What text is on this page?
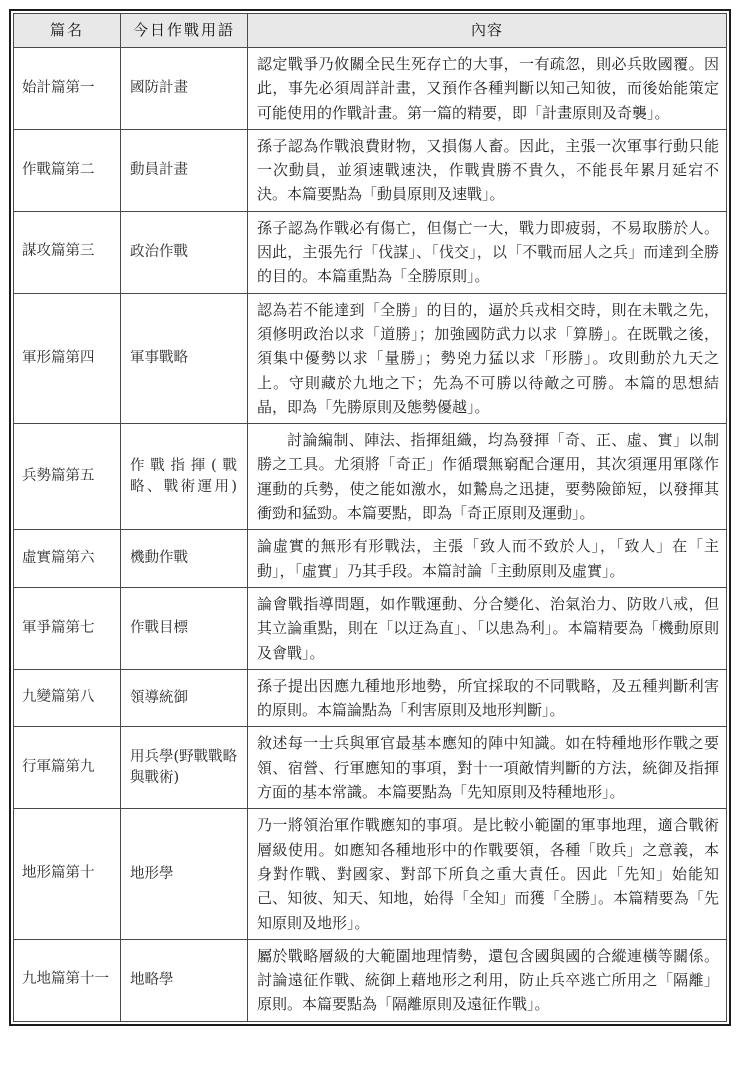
篇名	今日作戰用語	內容
始計篇第一	國防計畫	認定戰爭乃攸關全民生死存亡的大事，一有疏忽，則必兵敗國覆。因此，事先必須周詳計畫，又預作各種判斷以知己知彼，而後始能策定可能使用的作戰計畫。第一篇的精要，即「計畫原則及奇襲」。

作戰篇第二	動員計畫	孫子認為作戰浪費財物，又損傷人畜。因此，主張一次軍事行動只能一次動員，並須速戰速決，作戰貴勝不貴久，不能長年累月延宕不決。本篇要點為「動員原則及速戰」。

謀攻篇第三	政治作戰	孫子認為作戰必有傷亡，但傷亡一大，戰力即疲弱，不易取勝於人。因此，主張先行「伐謀」、「伐交」，以「不戰而屈人之兵」而達到全勝的目的。本篇重點為「全勝原則」。

軍形篇第四	軍事戰略	認為若不能達到「全勝」的目的，逼於兵戎相交時，則在未戰之先，須修明政治以求「道勝」；加強國防武力以求「算勝」。在既戰之後，須集中優勢以求「量勝」；勢兇力猛以求「形勝」。攻則動於九天之上。守則藏於九地之下；先為不可勝以待敵之可勝。本篇的思想結晶，即為「先勝原則及態勢優越」。

兵勢篇第五	作戰指揮(戰略、戰術運用)	討論編制、陣法、指揮組織，均為發揮「奇、正、虛、實」以制勝之工具。尤須將「奇正」作循環無窮配合運用，其次須運用軍隊作運動的兵勢，使之能如激水，如鷙鳥之迅捷，要勢險節短，以發揮其衝勁和猛勁。本篇要點，即為「奇正原則及運動」。

虛實篇第六	機動作戰	論虛實的無形有形戰法，主張「致人而不致於人」，「致人」在「主動」，「虛實」乃其手段。本篇討論「主動原則及虛實」。

軍爭篇第七	作戰目標	論會戰指導問題，如作戰運動、分合變化、治氣治力、防敗八戒，但其立論重點，則在「以迂為直」、「以患為利」。本篇精要為「機動原則及會戰」。

九變篇第八	領導統御	孫子提出因應九種地形地勢，所宜採取的不同戰略，及五種判斷利害的原則。本篇論點為「利害原則及地形判斷」。

行軍篇第九	用兵學(野戰戰略與戰術)	敘述每一士兵與軍官最基本應知的陣中知識。如在特種地形作戰之要領、宿營、行軍應知的事項，對十一項敵情判斷的方法，統御及指揮方面的基本常識。本篇要點為「先知原則及特種地形」。

地形篇第十	地形學	乃一將領治軍作戰應知的事項。是比較小範圍的軍事地理，適合戰術層級使用。如應知各種地形中的作戰要領，各種「敗兵」之意義，本身對作戰、對國家、對部下所負之重大責任。因此「先知」始能知己、知彼、知天、知地，始得「全知」而獲「全勝」。本篇精要為「先知原則及地形」。

九地篇第十一	地略學	屬於戰略層級的大範圍地理情勢，還包含國與國的合縱連橫等關係。討論遠征作戰、統御上藉地形之利用，防止兵卒逃亡所用之「隔離」原則。本篇要點為「隔離原則及遠征作戰」。
